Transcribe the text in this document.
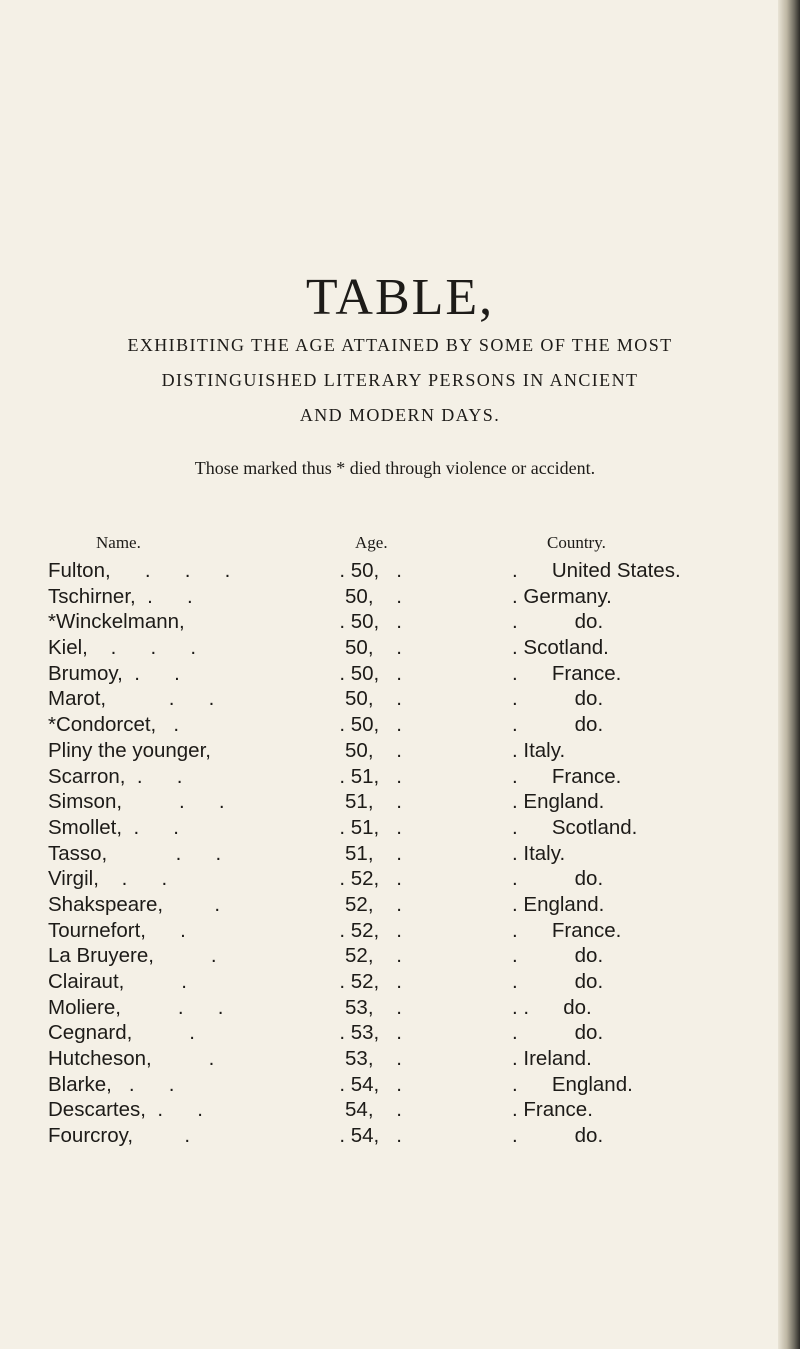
TABLE,
EXHIBITING THE AGE ATTAINED BY SOME OF THE MOST
DISTINGUISHED LITERARY PERSONS IN ANCIENT
AND MODERN DAYS.
Those marked thus * died through violence or accident.
Name.	Age.	Country.
Fulton,      .      .      .	. 50,   .	.      United States.
Tschirner,  .      .	50,    .	. Germany.
*Winckelmann,	. 50,   .	.          do.
Kiel,    .      .      .	50,    .	. Scotland.
Brumoy,  .      .	. 50,   .	.      France.
Marot,           .      .	50,    .	.          do.
*Condorcet,   .	. 50,   .	.          do.
Pliny the younger,	50,    .	. Italy.
Scarron,  .      .	. 51,   .	.      France.
Simson,          .      .	51,    .	. England.
Smollet,  .      .	. 51,   .	.      Scotland.
Tasso,            .      .	51,    .	. Italy.
Virgil,    .      .	. 52,   .	.          do.
Shakspeare,         .	52,    .	. England.
Tournefort,      .	. 52,   .	.      France.
La Bruyere,          .	52,    .	.          do.
Clairaut,          .	. 52,   .	.          do.
Moliere,          .      .	53,    .	. .      do.
Cegnard,          .	. 53,   .	.          do.
Hutcheson,          .	53,    .	. Ireland.
Blarke,   .      .	. 54,   .	.      England.
Descartes,  .      .	54,    .	. France.
Fourcroy,         .	. 54,   .	.          do.
